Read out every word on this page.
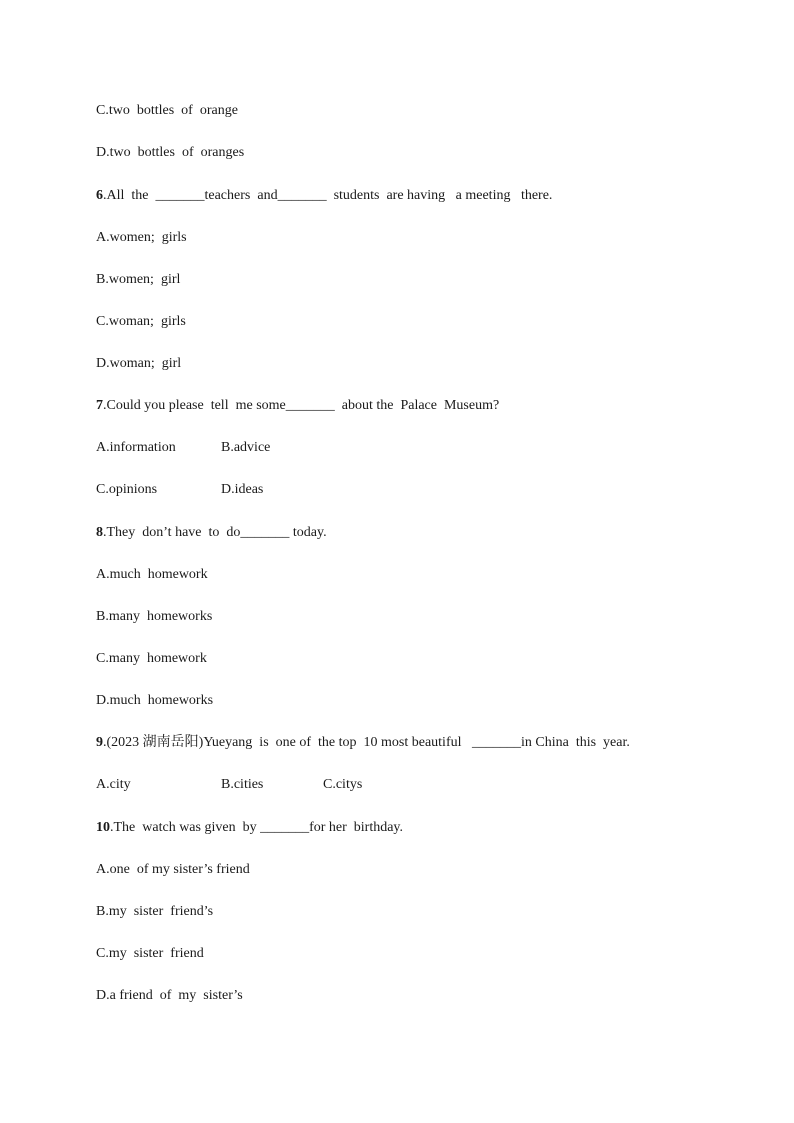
C.two  bottles  of  orange
D.two  bottles  of  oranges
6.All  the  _______teachers  and_______  students  are having   a meeting   there.
A.women;  girls
B.women;  girl
C.woman;  girls
D.woman;  girl
7.Could you please  tell  me some_______  about the  Palace  Museum?
A.information	B.advice
C.opinions	D.ideas
8.They  don’t have  to  do_______ today.
A.much  homework
B.many  homeworks
C.many  homework
D.much  homeworks
9.(2023 湖南岳阳)Yueyang  is  one of  the top  10 most beautiful   _______in China  this  year.
A.city	B.cities	C.citys
10.The  watch was given  by _______for her  birthday.
A.one  of my sister’s friend
B.my  sister  friend’s
C.my  sister  friend
D.a friend  of  my  sister’s
